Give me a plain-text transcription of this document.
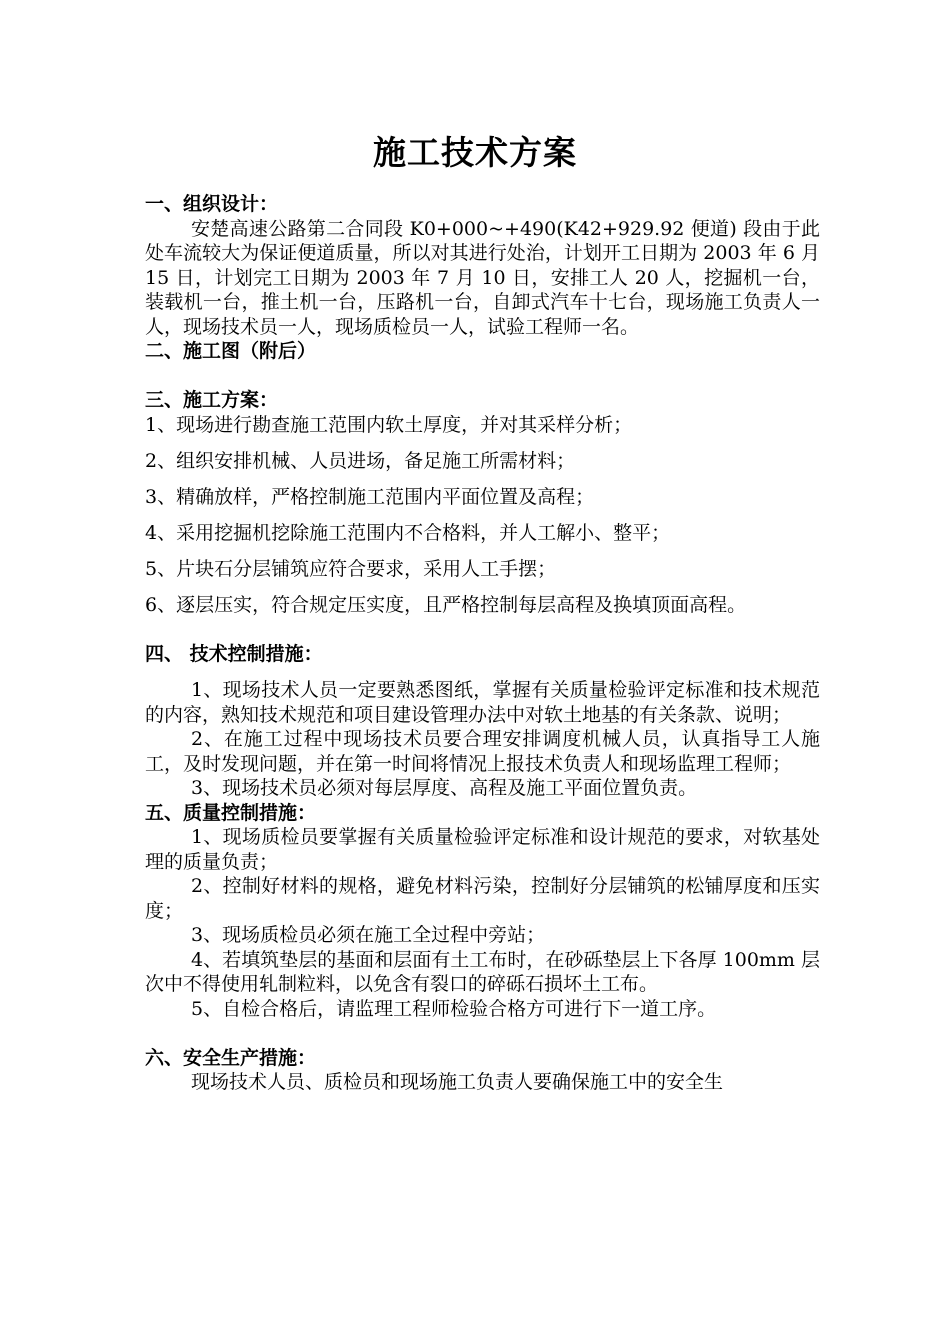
施工技术方案

一、组织设计：

安楚高速公路第二合同段 K0+000~+490(K42+929.92 便道) 段由于此处车流较大为保证便道质量，所以对其进行处治，计划开工日期为 2003 年 6 月 15 日，计划完工日期为 2003 年 7 月 10 日，安排工人 20 人，挖掘机一台，装载机一台，推土机一台，压路机一台，自卸式汽车十七台，现场施工负责人一人，现场技术员一人，现场质检员一人，试验工程师一名。

二、施工图（附后）

三、施工方案：

1、现场进行勘查施工范围内软土厚度，并对其采样分析；

2、组织安排机械、人员进场，备足施工所需材料；

3、精确放样，严格控制施工范围内平面位置及高程；

4、采用挖掘机挖除施工范围内不合格料，并人工解小、整平；

5、片块石分层铺筑应符合要求，采用人工手摆；

6、逐层压实，符合规定压实度，且严格控制每层高程及换填顶面高程。

四、 技术控制措施：

1、现场技术人员一定要熟悉图纸，掌握有关质量检验评定标准和技术规范的内容，熟知技术规范和项目建设管理办法中对软土地基的有关条款、说明；

2、在施工过程中现场技术员要合理安排调度机械人员，认真指导工人施工，及时发现问题，并在第一时间将情况上报技术负责人和现场监理工程师；

3、现场技术员必须对每层厚度、高程及施工平面位置负责。

五、质量控制措施：

1、现场质检员要掌握有关质量检验评定标准和设计规范的要求，对软基处理的质量负责；

2、控制好材料的规格，避免材料污染，控制好分层铺筑的松铺厚度和压实度；

3、现场质检员必须在施工全过程中旁站；

4、若填筑垫层的基面和层面有土工布时，在砂砾垫层上下各厚 100mm 层次中不得使用轧制粒料，以免含有裂口的碎砾石损坏土工布。

5、自检合格后，请监理工程师检验合格方可进行下一道工序。

六、安全生产措施：

现场技术人员、质检员和现场施工负责人要确保施工中的安全生
